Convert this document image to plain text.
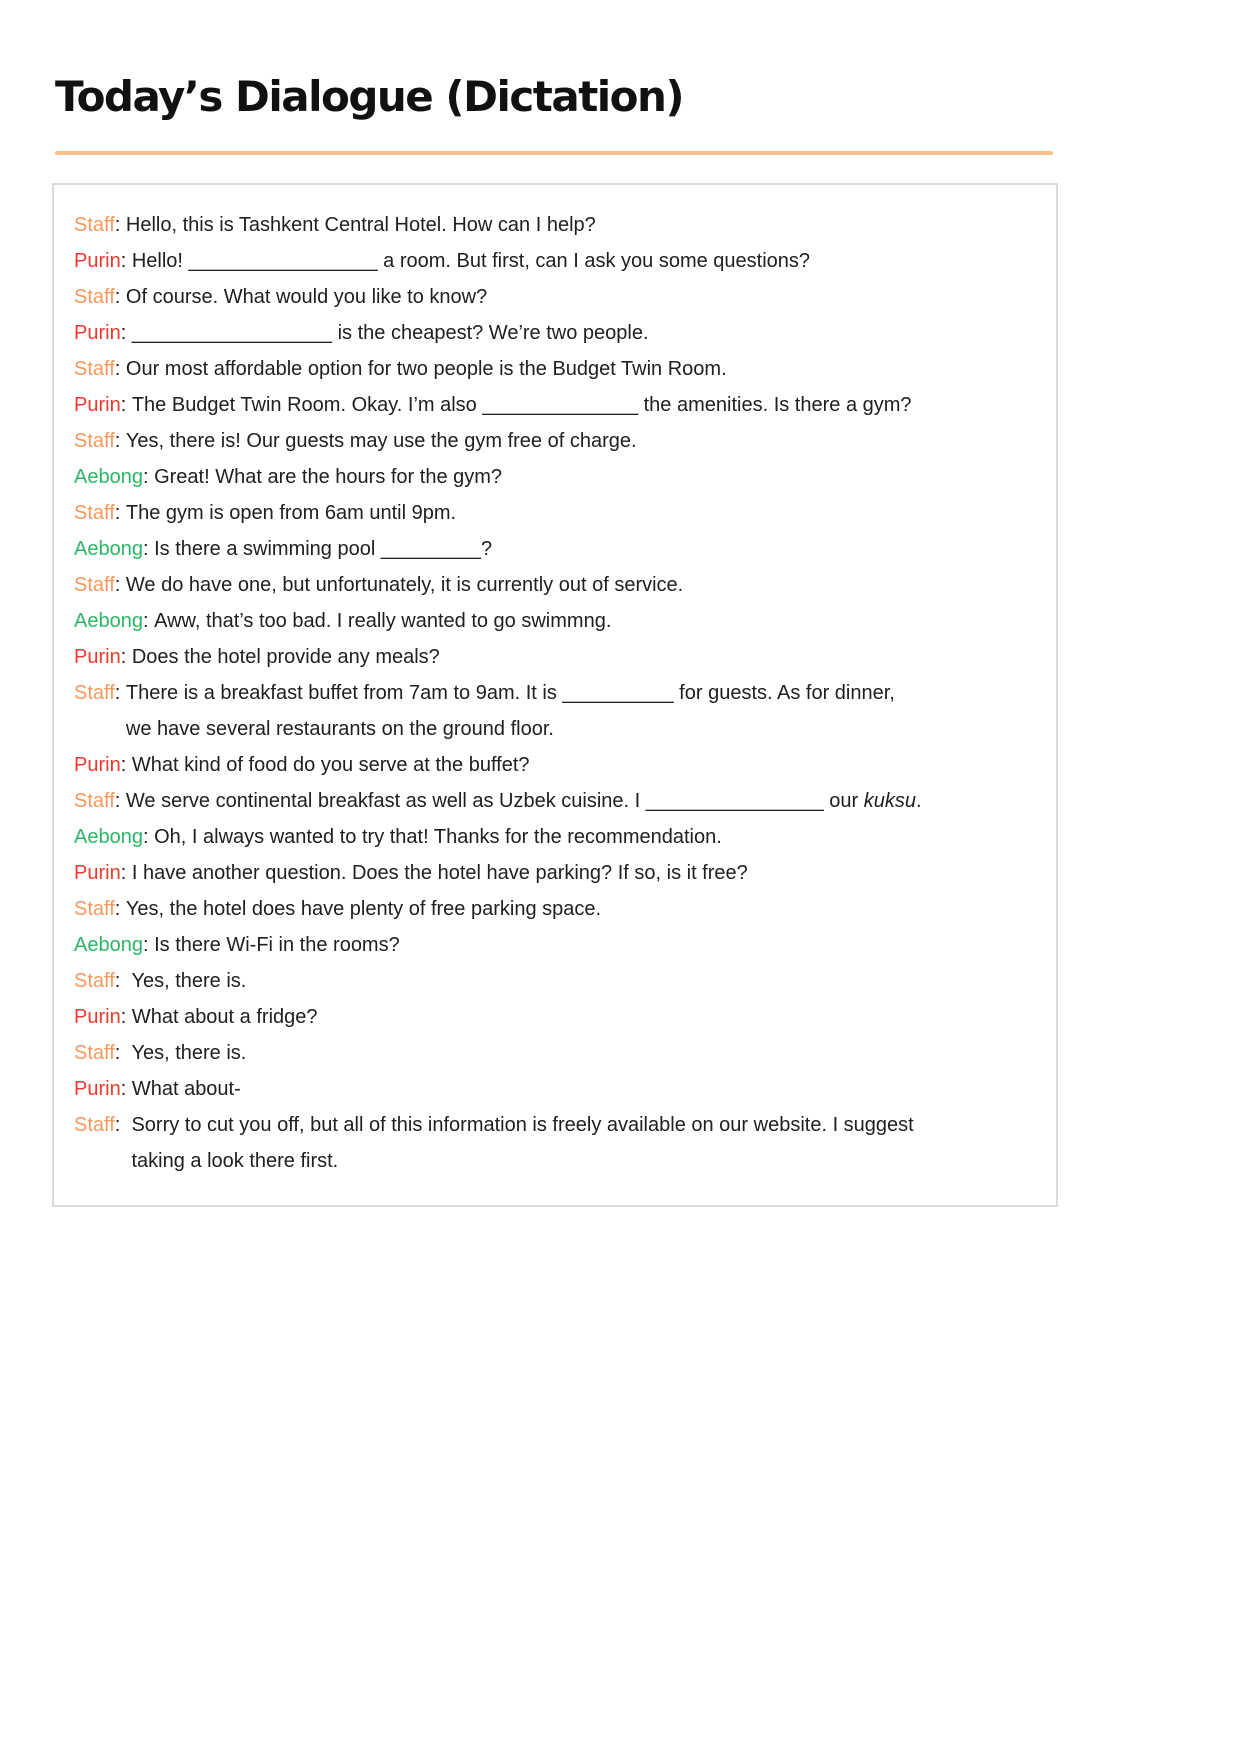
Today’s Dialogue (Dictation)
Staff: Hello, this is Tashkent Central Hotel. How can I help?
Purin: Hello! _________________ a room. But first, can I ask you some questions?
Staff: Of course. What would you like to know?
Purin: __________________ is the cheapest? We’re two people.
Staff: Our most affordable option for two people is the Budget Twin Room.
Purin: The Budget Twin Room. Okay. I’m also ______________ the amenities. Is there a gym?
Staff: Yes, there is! Our guests may use the gym free of charge.
Aebong: Great! What are the hours for the gym?
Staff: The gym is open from 6am until 9pm.
Aebong: Is there a swimming pool _________?
Staff: We do have one, but unfortunately, it is currently out of service.
Aebong: Aww, that’s too bad. I really wanted to go swimmng.
Purin: Does the hotel provide any meals?
Staff: There is a breakfast buffet from 7am to 9am. It is __________ for guests. As for dinner,
we have several restaurants on the ground floor.
Purin: What kind of food do you serve at the buffet?
Staff: We serve continental breakfast as well as Uzbek cuisine. I ________________ our kuksu.
Aebong: Oh, I always wanted to try that! Thanks for the recommendation.
Purin: I have another question. Does the hotel have parking? If so, is it free?
Staff: Yes, the hotel does have plenty of free parking space.
Aebong: Is there Wi-Fi in the rooms?
Staff: Yes, there is.
Purin: What about a fridge?
Staff: Yes, there is.
Purin: What about-
Staff: Sorry to cut you off, but all of this information is freely available on our website. I suggest
taking a look there first.
